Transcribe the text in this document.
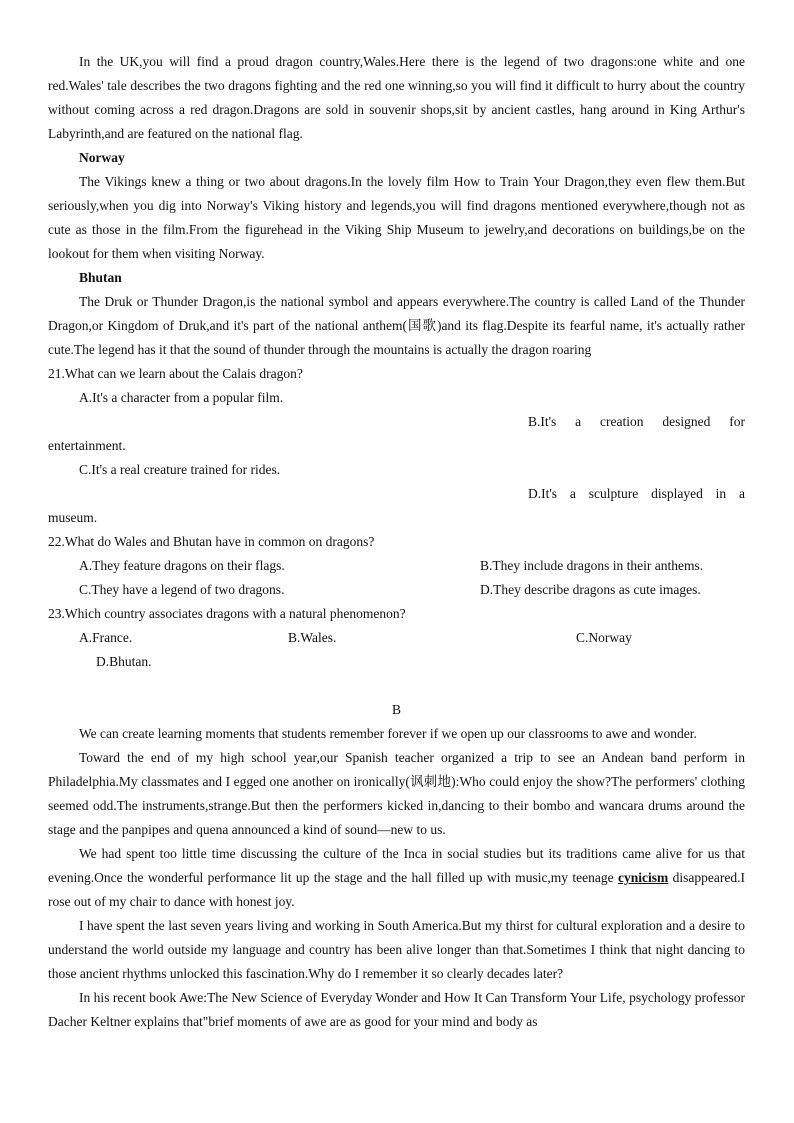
In the UK,you will find a proud dragon country,Wales.Here there is the legend of two dragons:one white and one red.Wales' tale describes the two dragons fighting and the red one winning,so you will find it difficult to hurry about the country without coming across a red dragon.Dragons are sold in souvenir shops,sit by ancient castles, hang around in King Arthur's Labyrinth,and are featured on the national flag.

Norway

The Vikings knew a thing or two about dragons.In the lovely film How to Train Your Dragon,they even flew them.But seriously,when you dig into Norway's Viking history and legends,you will find dragons mentioned everywhere,though not as cute as those in the film.From the figurehead in the Viking Ship Museum to jewelry,and decorations on buildings,be on the lookout for them when visiting Norway.

Bhutan

The Druk or Thunder Dragon,is the national symbol and appears everywhere.The country is called Land of the Thunder Dragon,or Kingdom of Druk,and it's part of the national anthem(国歌)and its flag.Despite its fearful name, it's actually rather cute.The legend has it that the sound of thunder through the mountains is actually the dragon roaring

21.What can we learn about the Calais dragon?

A.It's a character from a popular film.

B.It's a creation designed for entertainment.

C.It's a real creature trained for rides.

D.It's a sculpture displayed in a museum.

22.What do Wales and Bhutan have in common on dragons?

A.They feature dragons on their flags.	B.They include dragons in their anthems.
C.They have a legend of two dragons.	D.They describe dragons as cute images.

23.Which country associates dragons with a natural phenomenon?

A.France.	B.Wales.	C.Norway
D.Bhutan.

B

We can create learning moments that students remember forever if we open up our classrooms to awe and wonder.

Toward the end of my high school year,our Spanish teacher organized a trip to see an Andean band perform in Philadelphia.My classmates and I egged one another on ironically(讽刺地):Who could enjoy the show?The performers' clothing seemed odd.The instruments,strange.But then the performers kicked in,dancing to their bombo and wancara drums around the stage and the panpipes and quena announced a kind of sound—new to us.

We had spent too little time discussing the culture of the Inca in social studies but its traditions came alive for us that evening.Once the wonderful performance lit up the stage and the hall filled up with music,my teenage cynicism disappeared.I rose out of my chair to dance with honest joy.

I have spent the last seven years living and working in South America.But my thirst for cultural exploration and a desire to understand the world outside my language and country has been alive longer than that.Sometimes I think that night dancing to those ancient rhythms unlocked this fascination.Why do I remember it so clearly decades later?

In his recent book Awe:The New Science of Everyday Wonder and How It Can Transform Your Life, psychology professor Dacher Keltner explains that"brief moments of awe are as good for your mind and body as
